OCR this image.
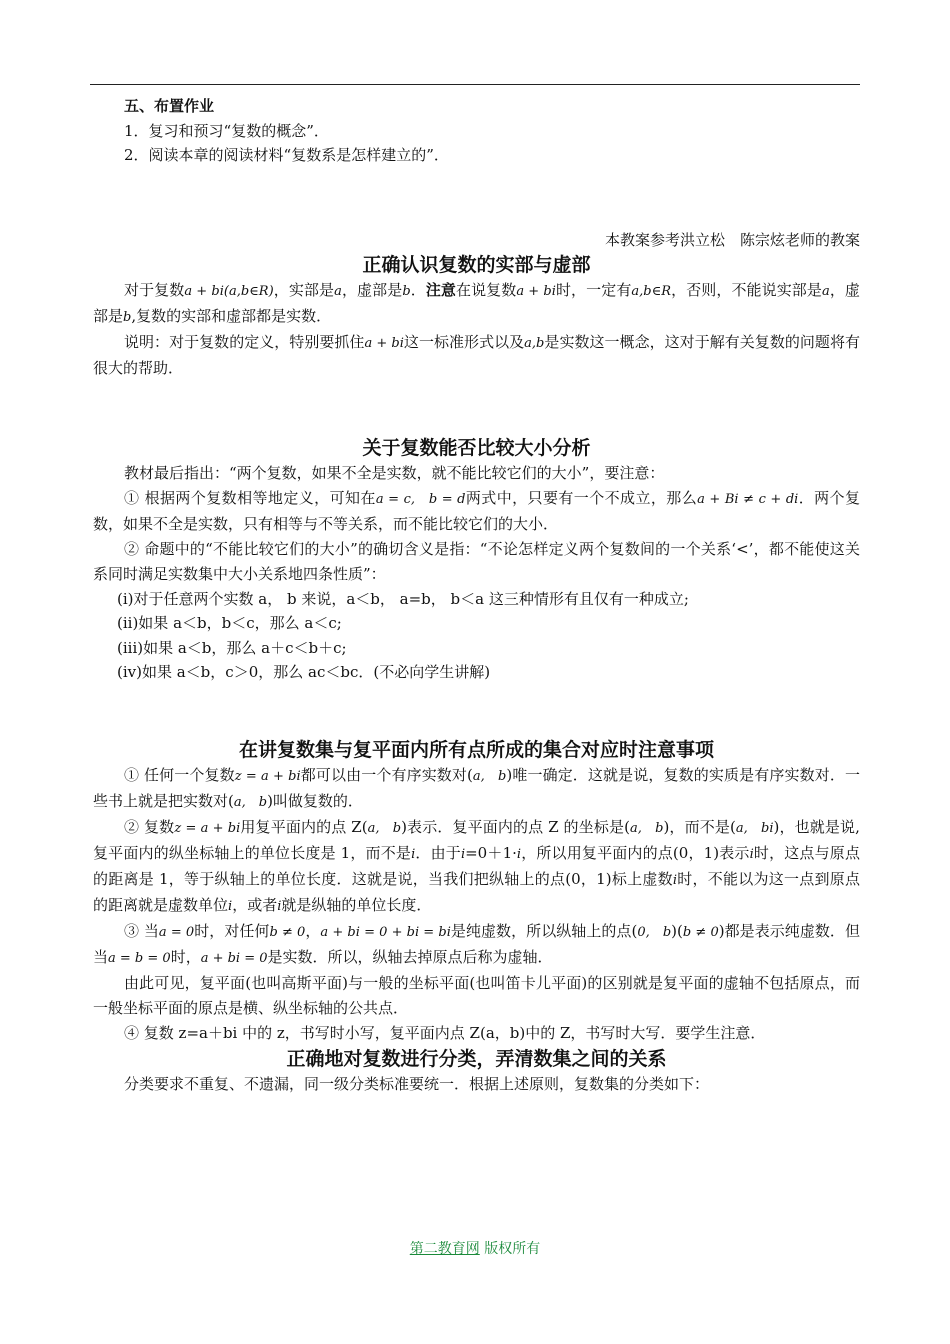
五、布置作业
1．复习和预习“复数的概念”．
2．阅读本章的阅读材料“复数系是怎样建立的”．
本教案参考洪立松　陈宗炫老师的教案
正确认识复数的实部与虚部

对于复数a + bi(a,b∈R)，实部是a，虚部是b．注意在说复数a + bi时，一定有a,b∈R，否则，不能说实部是a，虚部是b,复数的实部和虚部都是实数．

说明：对于复数的定义，特别要抓住a + bi这一标准形式以及a,b是实数这一概念，这对于解有关复数的问题将有很大的帮助．

关于复数能否比较大小分析

教材最后指出：“两个复数，如果不全是实数，就不能比较它们的大小”，要注意：

① 根据两个复数相等地定义，可知在a = c,　b = d两式中，只要有一个不成立，那么a + Bi ≠ c + di．两个复数，如果不全是实数，只有相等与不等关系，而不能比较它们的大小．

② 命题中的“不能比较它们的大小”的确切含义是指：“不论怎样定义两个复数间的一个关系‘<’，都不能使这关系同时满足实数集中大小关系地四条性质”：

(i)对于任意两个实数 a， b 来说，a＜b， a=b， b＜a 这三种情形有且仅有一种成立;
(ii)如果 a＜b，b＜c，那么 a＜c;
(iii)如果 a＜b，那么 a＋c＜b＋c;
(iv)如果 a＜b，c＞0，那么 ac＜bc．(不必向学生讲解)
在讲复数集与复平面内所有点所成的集合对应时注意事项

① 任何一个复数z = a + bi都可以由一个有序实数对(a,　b)唯一确定．这就是说，复数的实质是有序实数对．一些书上就是把实数对(a,　b)叫做复数的．

② 复数z = a + bi用复平面内的点 Z(a,　b)表示．复平面内的点 Z 的坐标是(a,　b)，而不是(a,　bi)，也就是说,复平面内的纵坐标轴上的单位长度是 1，而不是i．由于i=0＋1·i，所以用复平面内的点(0，1)表示i时，这点与原点的距离是 1，等于纵轴上的单位长度．这就是说，当我们把纵轴上的点(0，1)标上虚数i时，不能以为这一点到原点的距离就是虚数单位i，或者i就是纵轴的单位长度．

③ 当a = 0时，对任何b ≠ 0，a + bi = 0 + bi = bi是纯虚数，所以纵轴上的点(0,　b)(b ≠ 0)都是表示纯虚数．但当a = b = 0时，a + bi = 0是实数．所以，纵轴去掉原点后称为虚轴．

由此可见，复平面(也叫高斯平面)与一般的坐标平面(也叫笛卡儿平面)的区别就是复平面的虚轴不包括原点，而一般坐标平面的原点是横、纵坐标轴的公共点．

④ 复数 z=a＋bi 中的 z，书写时小写，复平面内点 Z(a，b)中的 Z，书写时大写．要学生注意．

正确地对复数进行分类，弄清数集之间的关系

分类要求不重复、不遗漏，同一级分类标准要统一．根据上述原则，复数集的分类如下：

第二教育网 版权所有
